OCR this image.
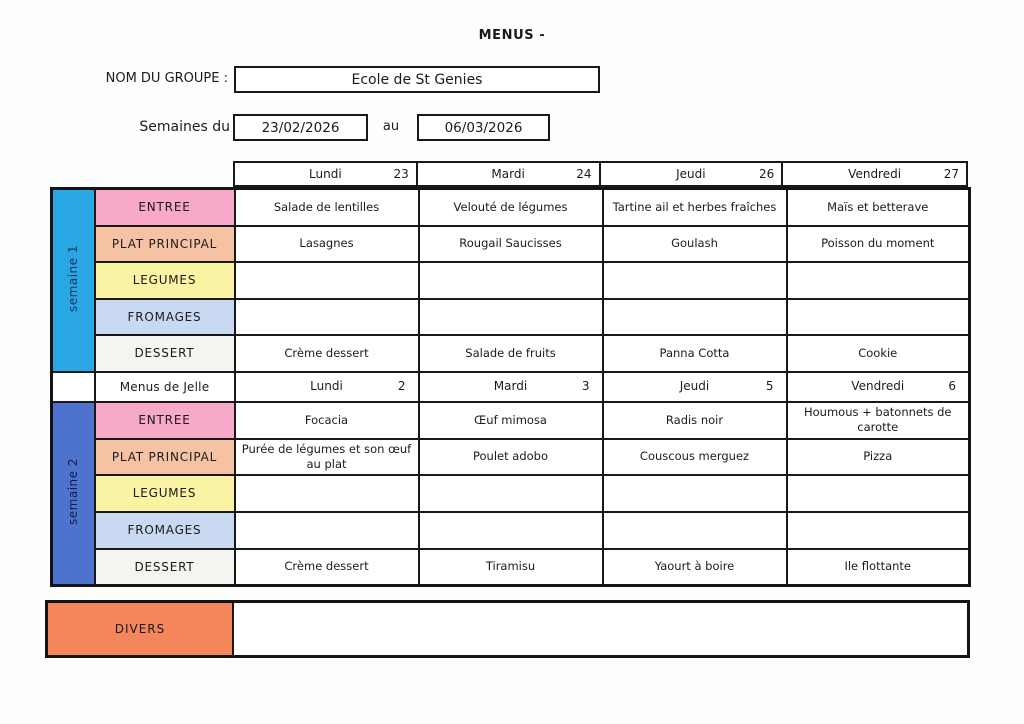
MENUS -
NOM DU GROUPE :	Ecole de St Genies
Semaines du	23/02/2026	au	06/03/2026
Lundi	23	Mardi	24	Jeudi	26	Vendredi	27
semaine 1	ENTREE	Salade de lentilles	Velouté de légumes	Tartine ail et herbes fraîches	Maïs et betterave
	PLAT PRINCIPAL	Lasagnes	Rougail Saucisses	Goulash	Poisson du moment
	LEGUMES				
	FROMAGES				
	DESSERT	Crème dessert	Salade de fruits	Panna Cotta	Cookie
	Menus de Jelle	Lundi 2	Mardi 3	Jeudi 5	Vendredi 6

semaine 2	ENTREE	Focacia	Œuf mimosa	Radis noir	Houmous + batonnets de carotte
	PLAT PRINCIPAL	Purée de légumes et son œuf au plat	Poulet adobo	Couscous merguez	Pizza
	LEGUMES				
	FROMAGES				
	DESSERT	Crème dessert	Tiramisu	Yaourt à boire	Ile flottante
DIVERS
